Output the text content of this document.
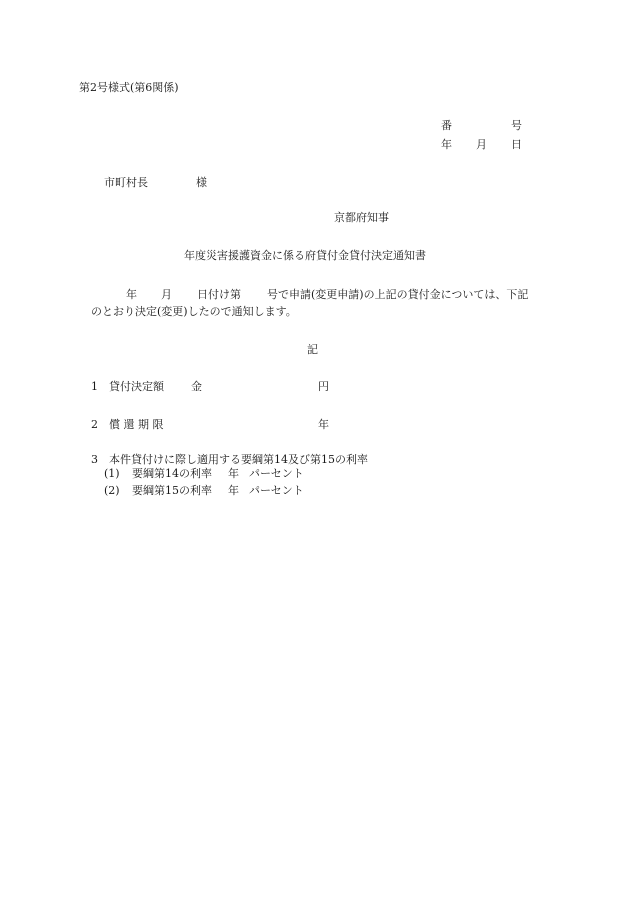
第2号様式(第6関係)
番	号
年 月 日
市町村長	様
京都府知事
年度災害援護資金に係る府貸付金貸付決定通知書
年 月 日付け第 号で申請(変更申請)の上記の貸付金については、下記
のとおり決定(変更)したので通知します。
記
1 貸付決定額 金	円
2 償 還 期 限	年
3 本件貸付けに際し適用する要綱第14及び第15の利率
(1) 要綱第14の利率 年 パーセント
(2) 要綱第15の利率 年 パーセント
